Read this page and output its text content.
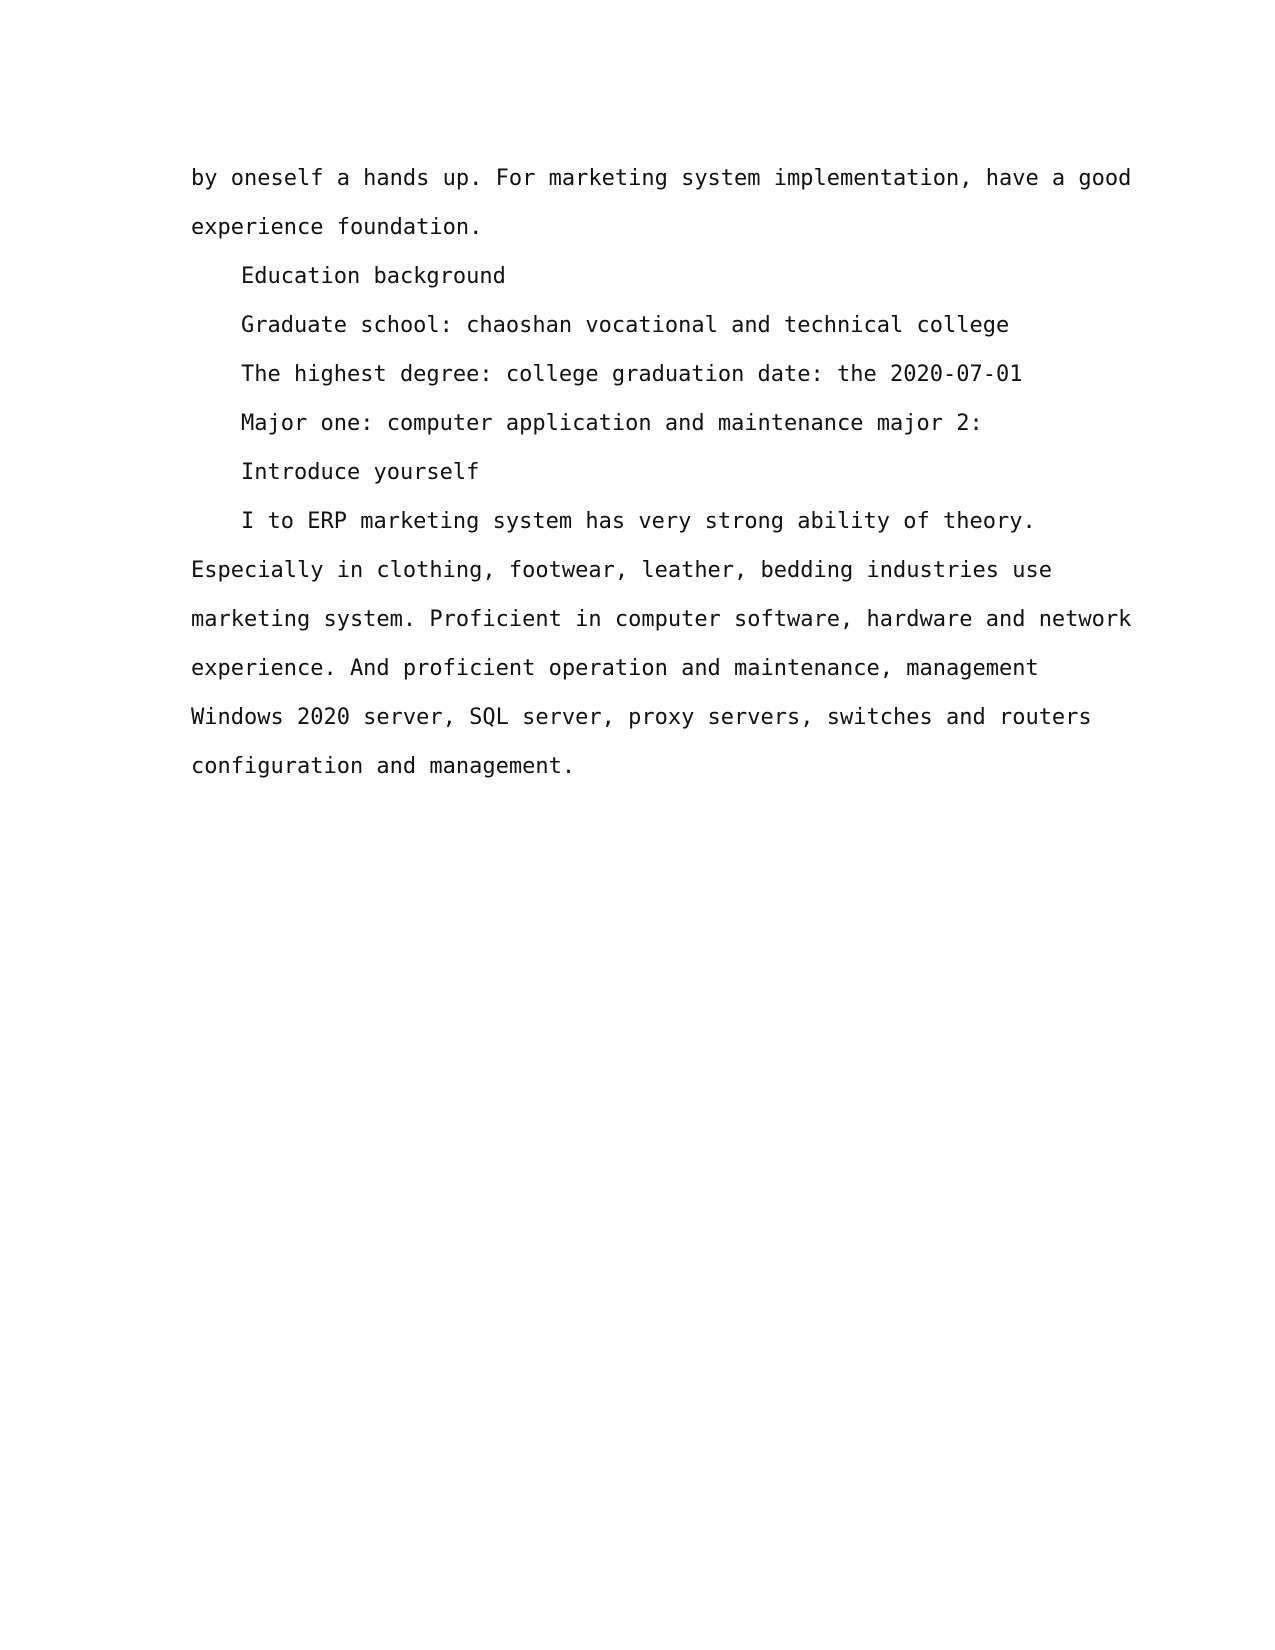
by oneself a hands up. For marketing system implementation, have a good

experience foundation.

Education background

Graduate school: chaoshan vocational and technical college

The highest degree: college graduation date: the 2020-07-01

Major one: computer application and maintenance major 2:

Introduce yourself

I to ERP marketing system has very strong ability of theory.

Especially in clothing, footwear, leather, bedding industries use

marketing system. Proficient in computer software, hardware and network

experience. And proficient operation and maintenance, management

Windows 2020 server, SQL server, proxy servers, switches and routers

configuration and management.
